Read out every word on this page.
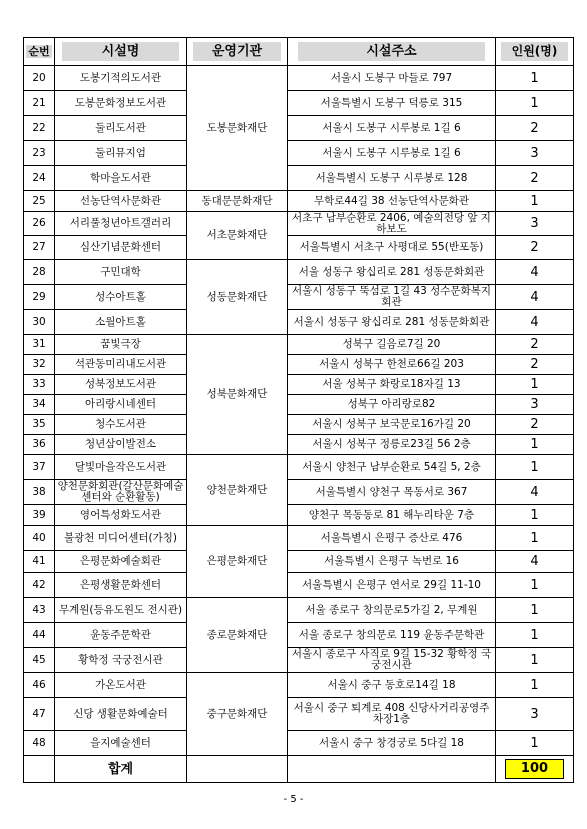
순번	시설명	운영기관	시설주소	인원(명)
20	도봉기적의도서관	도봉문화재단	서울시 도봉구 마들로 797	1
21	도봉문화정보도서관		서울특별시 도봉구 덕릉로 315	1
22	둘리도서관		서울시 도봉구 시루봉로 1길 6	2
23	둘리뮤지엄		서울시 도봉구 시루봉로 1길 6	3
24	학마을도서관		서울특별시 도봉구 시루봉로 128	2
25	선농단역사문화관	동대문문화재단	무학로44길 38 선농단역사문화관	1
26	서리풀청년아트갤러리	서초문화재단	서초구 남부순환로 2406, 예술의전당 앞 지하보도	3
27	심산기념문화센터		서울특별시 서초구 사평대로 55(반포동)	2
28	구민대학	성동문화재단	서울 성동구 왕십리로 281 성동문화회관	4
29	성수아트홀		서울시 성동구 뚝섬로 1길 43 성수문화복지회관	4
30	소월아트홀		서울시 성동구 왕십리로 281 성동문화회관	4
31	꿈빛극장	성북문화재단	성북구 길음로7길 20	2
32	석관동미리내도서관		서울시 성북구 한천로66길 203	2
33	성북정보도서관		서울 성북구 화랑로18자길 13	1
34	아리랑시네센터		성북구 아리랑로82	3
35	청수도서관		서울시 성북구 보국문로16가길 20	2
36	청년삼이발전소		서울시 성북구 정릉로23길 56 2층	1
37	달빛마을작은도서관	양천문화재단	서울시 양천구 남부순환로 54길 5, 2층	1
38	양천문화회관(갈산문화예술센터와 순환활동)		서울특별시 양천구 목동서로 367	4
39	영어특성화도서관		양천구 목동동로 81 해누리타운 7층	1
40	불광천 미디어센터(가칭)	은평문화재단	서울특별시 은평구 증산로 476	1
41	은평문화예술회관		서울특별시 은평구 녹번로 16	4
42	은평생활문화센터		서울특별시 은평구 연서로 29길 11-10	1
43	무계원(등유도원도 전시관)	종로문화재단	서울 종로구 창의문로5가길 2, 무계원	1
44	윤동주문학관		서울 종로구 창의문로 119 윤동주문학관	1
45	황학정 국궁전시관		서울시 종로구 사직로 9길 15-32 황학정 국궁전시관	1
46	가온도서관	중구문화재단	서울시 중구 동호로14길 18	1
47	신당 생활문화예술터		서울시 중구 퇴계로 408 신당사거리공영주차장1층	3
48	을지예술센터		서울시 중구 창경궁로 5다길 18	1
	합계			100
- 5 -
